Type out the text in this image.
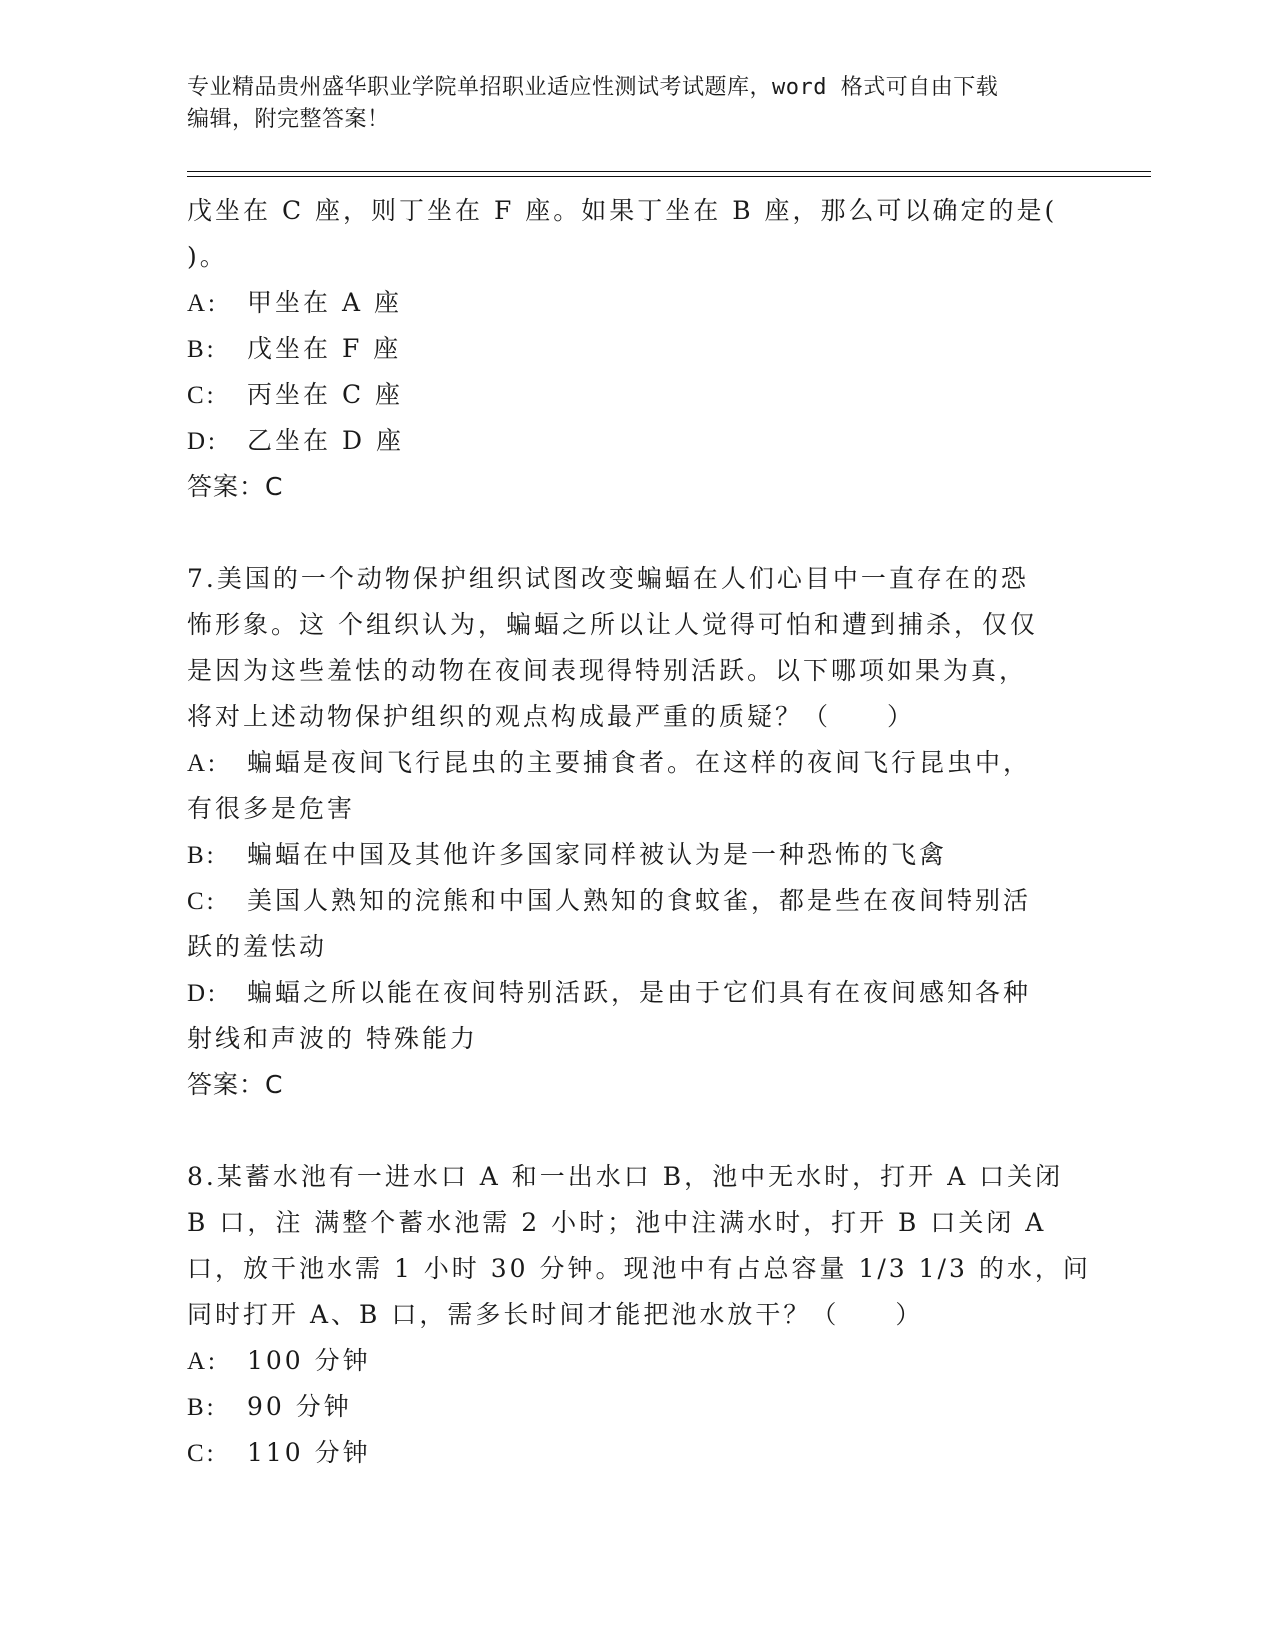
专业精品贵州盛华职业学院单招职业适应性测试考试题库，word 格式可自由下载
编辑，附完整答案！
戊坐在 C 座，则丁坐在 F 座。如果丁坐在 B 座，那么可以确定的是(
)。
A: 甲坐在 A 座
B: 戊坐在 F 座
C: 丙坐在 C 座
D: 乙坐在 D 座
答案：C
7.美国的一个动物保护组织试图改变蝙蝠在人们心目中一直存在的恐
怖形象。这 个组织认为，蝙蝠之所以让人觉得可怕和遭到捕杀，仅仅
是因为这些羞怯的动物在夜间表现得特别活跃。以下哪项如果为真，
将对上述动物保护组织的观点构成最严重的质疑？（　　）
A: 蝙蝠是夜间飞行昆虫的主要捕食者。在这样的夜间飞行昆虫中，
有很多是危害
B: 蝙蝠在中国及其他许多国家同样被认为是一种恐怖的飞禽
C: 美国人熟知的浣熊和中国人熟知的食蚊雀，都是些在夜间特别活
跃的羞怯动
D: 蝙蝠之所以能在夜间特别活跃，是由于它们具有在夜间感知各种
射线和声波的 特殊能力
答案：C
8.某蓄水池有一进水口 A 和一出水口 B，池中无水时，打开 A 口关闭
B 口，注 满整个蓄水池需 2 小时；池中注满水时，打开 B 口关闭 A
口，放干池水需 1 小时 30 分钟。现池中有占总容量 1/3 1/3 的水，问
同时打开 A、B 口，需多长时间才能把池水放干？（　　）
A: 100 分钟
B: 90 分钟
C: 110 分钟
